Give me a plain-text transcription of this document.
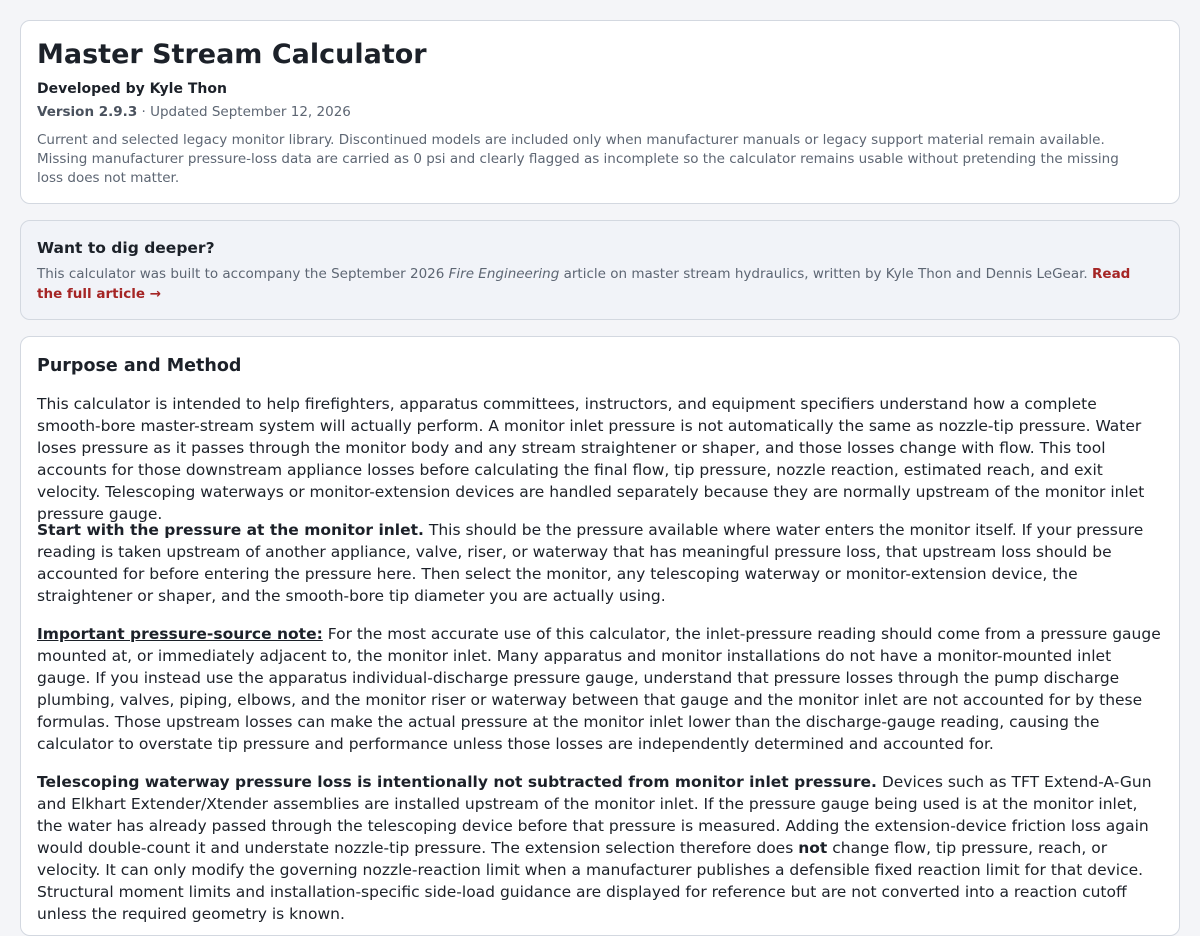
Master Stream Calculator
Developed by Kyle Thon
Version 2.9.3 · Updated September 12, 2026
Current and selected legacy monitor library. Discontinued models are included only when manufacturer manuals or legacy support material remain available. Missing manufacturer pressure-loss data are carried as 0 psi and clearly flagged as incomplete so the calculator remains usable without pretending the missing loss does not matter.
Want to dig deeper?
This calculator was built to accompany the September 2026 Fire Engineering article on master stream hydraulics, written by Kyle Thon and Dennis LeGear. Read the full article →
Purpose and Method

This calculator is intended to help firefighters, apparatus committees, instructors, and equipment specifiers understand how a complete smooth-bore master-stream system will actually perform. A monitor inlet pressure is not automatically the same as nozzle-tip pressure. Water loses pressure as it passes through the monitor body and any stream straightener or shaper, and those losses change with flow. This tool accounts for those downstream appliance losses before calculating the final flow, tip pressure, nozzle reaction, estimated reach, and exit velocity. Telescoping waterways or monitor-extension devices are handled separately because they are normally upstream of the monitor inlet pressure gauge.

Start with the pressure at the monitor inlet. This should be the pressure available where water enters the monitor itself. If your pressure reading is taken upstream of another appliance, valve, riser, or waterway that has meaningful pressure loss, that upstream loss should be accounted for before entering the pressure here. Then select the monitor, any telescoping waterway or monitor-extension device, the straightener or shaper, and the smooth-bore tip diameter you are actually using.

Important pressure-source note: For the most accurate use of this calculator, the inlet-pressure reading should come from a pressure gauge mounted at, or immediately adjacent to, the monitor inlet. Many apparatus and monitor installations do not have a monitor-mounted inlet gauge. If you instead use the apparatus individual-discharge pressure gauge, understand that pressure losses through the pump discharge plumbing, valves, piping, elbows, and the monitor riser or waterway between that gauge and the monitor inlet are not accounted for by these formulas. Those upstream losses can make the actual pressure at the monitor inlet lower than the discharge-gauge reading, causing the calculator to overstate tip pressure and performance unless those losses are independently determined and accounted for.

Telescoping waterway pressure loss is intentionally not subtracted from monitor inlet pressure. Devices such as TFT Extend-A-Gun and Elkhart Extender/Xtender assemblies are installed upstream of the monitor inlet. If the pressure gauge being used is at the monitor inlet, the water has already passed through the telescoping device before that pressure is measured. Adding the extension-device friction loss again would double-count it and understate nozzle-tip pressure. The extension selection therefore does not change flow, tip pressure, reach, or velocity. It can only modify the governing nozzle-reaction limit when a manufacturer publishes a defensible fixed reaction limit for that device. Structural moment limits and installation-specific side-load guidance are displayed for reference but are not converted into a reaction cutoff unless the required geometry is known.
